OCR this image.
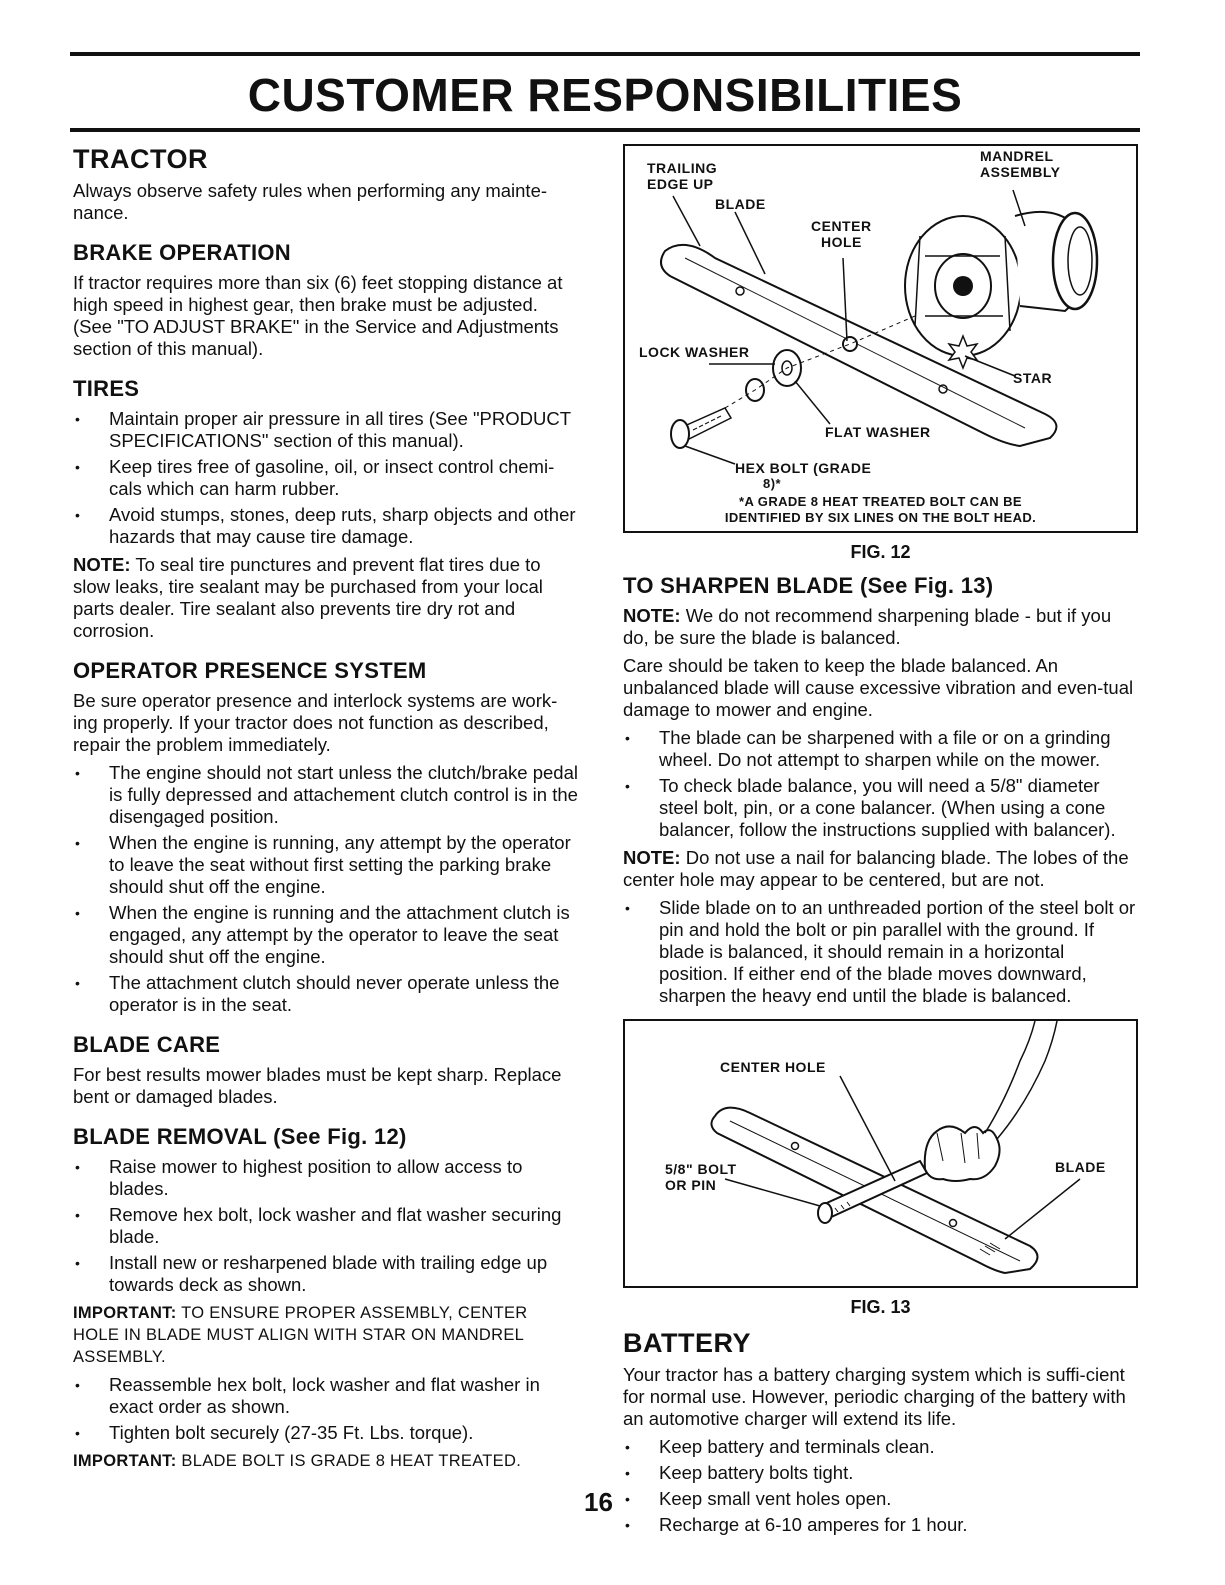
CUSTOMER RESPONSIBILITIES
TRACTOR

Always observe safety rules when performing any mainte-nance.

BRAKE OPERATION

If tractor requires more than six (6) feet stopping distance at high speed in highest gear, then brake must be adjusted. (See "TO ADJUST BRAKE" in the Service and Adjustments section of this manual).

TIRES
• Maintain proper air pressure in all tires (See "PRODUCT SPECIFICATIONS" section of this manual).
• Keep tires free of gasoline, oil, or insect control chemi-cals which can harm rubber.
• Avoid stumps, stones, deep ruts, sharp objects and other hazards that may cause tire damage.

NOTE: To seal tire punctures and prevent flat tires due to slow leaks, tire sealant may be purchased from your local parts dealer. Tire sealant also prevents tire dry rot and corrosion.

OPERATOR PRESENCE SYSTEM

Be sure operator presence and interlock systems are work-ing properly. If your tractor does not function as described, repair the problem immediately.

• The engine should not start unless the clutch/brake pedal is fully depressed and attachement clutch control is in the disengaged position.
• When the engine is running, any attempt by the operator to leave the seat without first setting the parking brake should shut off the engine.
• When the engine is running and the attachment clutch is engaged, any attempt by the operator to leave the seat should shut off the engine.
• The attachment clutch should never operate unless the operator is in the seat.
BLADE CARE

For best results mower blades must be kept sharp. Replace bent or damaged blades.

BLADE REMOVAL (See Fig. 12)
• Raise mower to highest position to allow access to blades.
• Remove hex bolt, lock washer and flat washer securing blade.
• Install new or resharpened blade with trailing edge up towards deck as shown.

IMPORTANT: TO ENSURE PROPER ASSEMBLY, CENTER HOLE IN BLADE MUST ALIGN WITH STAR ON MANDREL ASSEMBLY.

• Reassemble hex bolt, lock washer and flat washer in exact order as shown.
• Tighten bolt securely (27-35 Ft. Lbs. torque).

IMPORTANT: BLADE BOLT IS GRADE 8 HEAT TREATED.

TRAILING
EDGE UP
BLADE
CENTER
HOLE
MANDREL
ASSEMBLY
LOCK WASHER
STAR
FLAT WASHER
HEX BOLT (GRADE
8)*
*A GRADE 8 HEAT TREATED BOLT CAN BE
IDENTIFIED BY SIX LINES ON THE BOLT HEAD.
FIG. 12
TO SHARPEN BLADE (See Fig. 13)

NOTE: We do not recommend sharpening blade - but if you do, be sure the blade is balanced.

Care should be taken to keep the blade balanced. An unbalanced blade will cause excessive vibration and even-tual damage to mower and engine.

• The blade can be sharpened with a file or on a grinding wheel. Do not attempt to sharpen while on the mower.
• To check blade balance, you will need a 5/8" diameter steel bolt, pin, or a cone balancer. (When using a cone balancer, follow the instructions supplied with balancer).

NOTE: Do not use a nail for balancing blade. The lobes of the center hole may appear to be centered, but are not.

• Slide blade on to an unthreaded portion of the steel bolt or pin and hold the bolt or pin parallel with the ground. If blade is balanced, it should remain in a horizontal position. If either end of the blade moves downward, sharpen the heavy end until the blade is balanced.
CENTER HOLE
5/8" BOLT
OR PIN
BLADE
FIG. 13
BATTERY

Your tractor has a battery charging system which is suffi-cient for normal use. However, periodic charging of the battery with an automotive charger will extend its life.

• Keep battery and terminals clean.
• Keep battery bolts tight.
• Keep small vent holes open.
• Recharge at 6-10 amperes for 1 hour.
16
